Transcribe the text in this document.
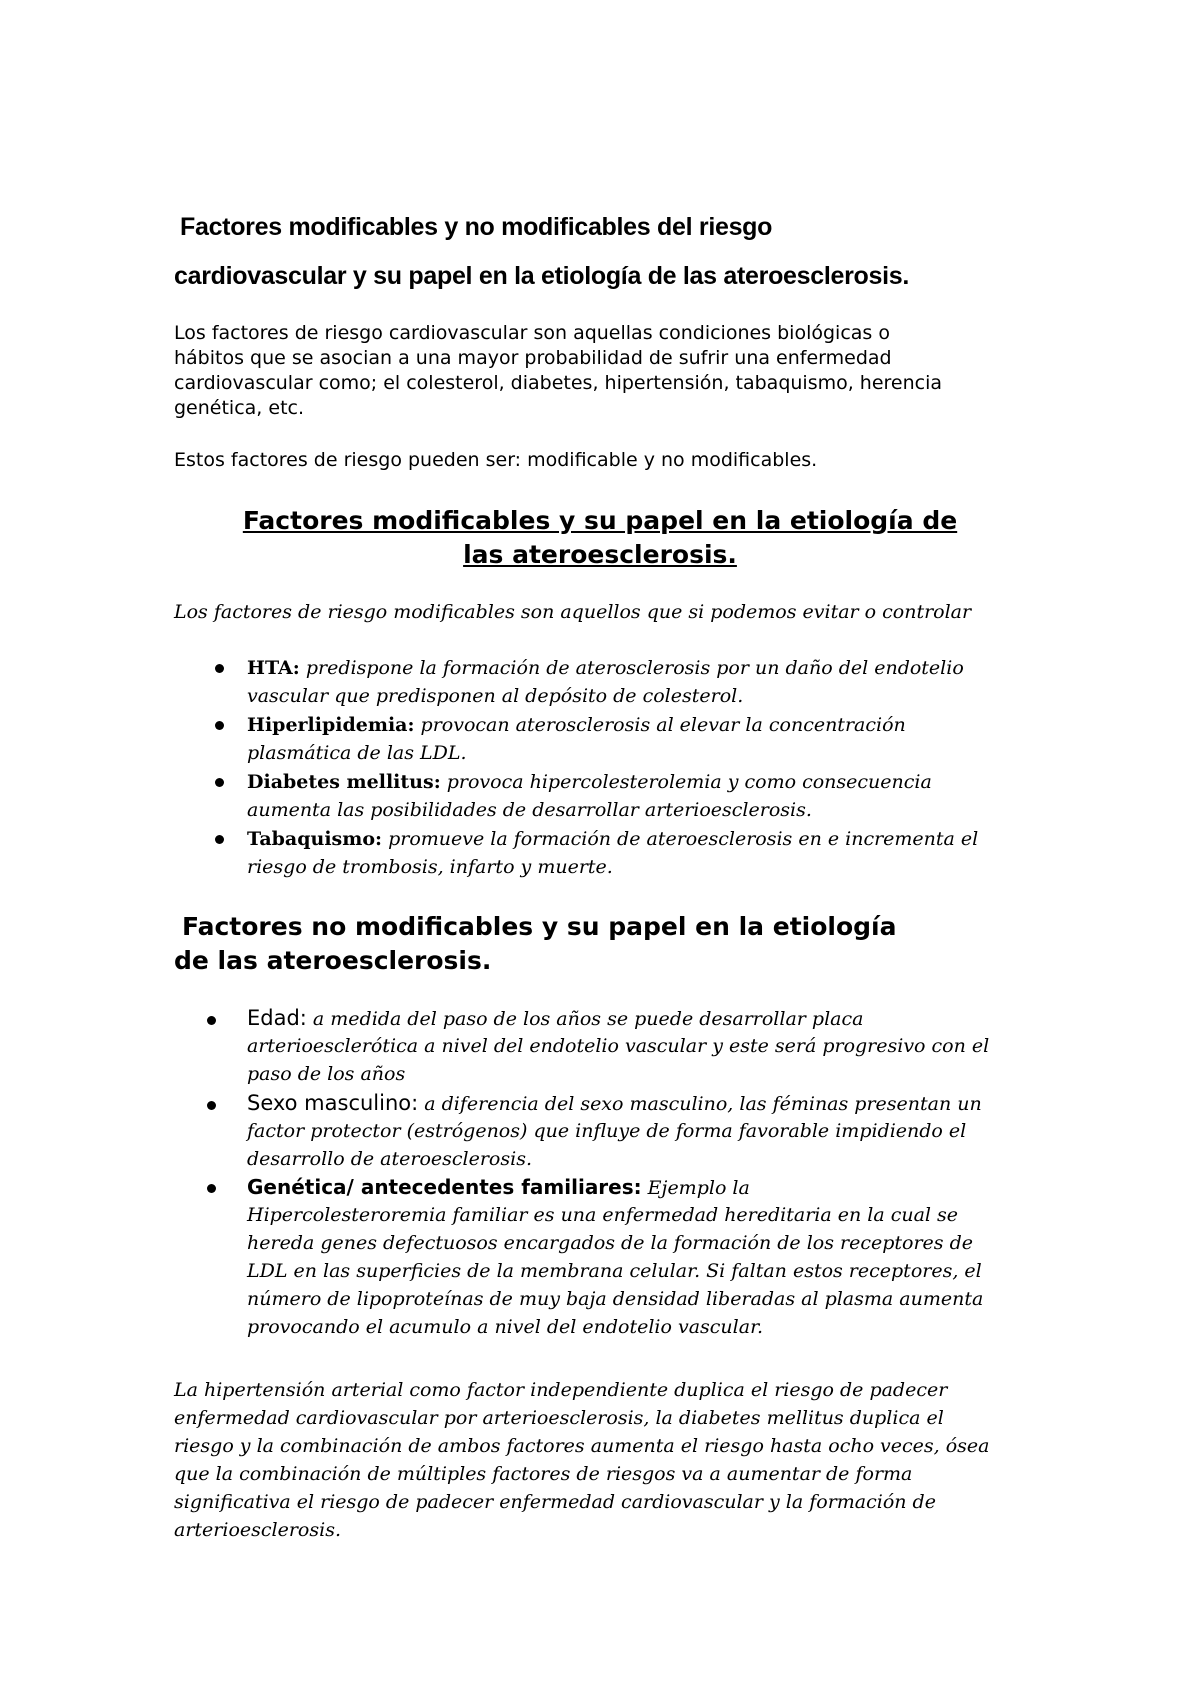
Factores modificables y no modificables del riesgo

cardiovascular y su papel en la etiología de las ateroesclerosis.

Los factores de riesgo cardiovascular son aquellas condiciones biológicas o

hábitos que se asocian a una mayor probabilidad de sufrir una enfermedad

cardiovascular como; el colesterol, diabetes, hipertensión, tabaquismo, herencia

genética, etc.

Estos factores de riesgo pueden ser: modificable y no modificables.

Factores modificables y su papel en la etiología de

las ateroesclerosis.

Los factores de riesgo modificables son aquellos que si podemos evitar o controlar

HTA: predispone la formación de aterosclerosis por un daño del endotelio

vascular que predisponen al depósito de colesterol.

Hiperlipidemia: provocan aterosclerosis al elevar la concentración

plasmática de las LDL.

Diabetes mellitus: provoca hipercolesterolemia y como consecuencia

aumenta las posibilidades de desarrollar arterioesclerosis.

Tabaquismo: promueve la formación de ateroesclerosis en e incrementa el

riesgo de trombosis, infarto y muerte.

Factores no modificables y su papel en la etiología

de las ateroesclerosis.

Edad: a medida del paso de los años se puede desarrollar placa

arterioesclerótica a nivel del endotelio vascular y este será progresivo con el

paso de los años

Sexo masculino: a diferencia del sexo masculino, las féminas presentan un

factor protector (estrógenos) que influye de forma favorable impidiendo el

desarrollo de ateroesclerosis.

Genética/ antecedentes familiares: Ejemplo la

Hipercolesteroremia familiar es una enfermedad hereditaria en la cual se

hereda genes defectuosos encargados de la formación de los receptores de

LDL en las superficies de la membrana celular. Si faltan estos receptores, el

número de lipoproteínas de muy baja densidad liberadas al plasma aumenta

provocando el acumulo a nivel del endotelio vascular.

La hipertensión arterial como factor independiente duplica el riesgo de padecer

enfermedad cardiovascular por arterioesclerosis, la diabetes mellitus duplica el

riesgo y la combinación de ambos factores aumenta el riesgo hasta ocho veces, ósea

que la combinación de múltiples factores de riesgos va a aumentar de forma

significativa el riesgo de padecer enfermedad cardiovascular y la formación de

arterioesclerosis.
